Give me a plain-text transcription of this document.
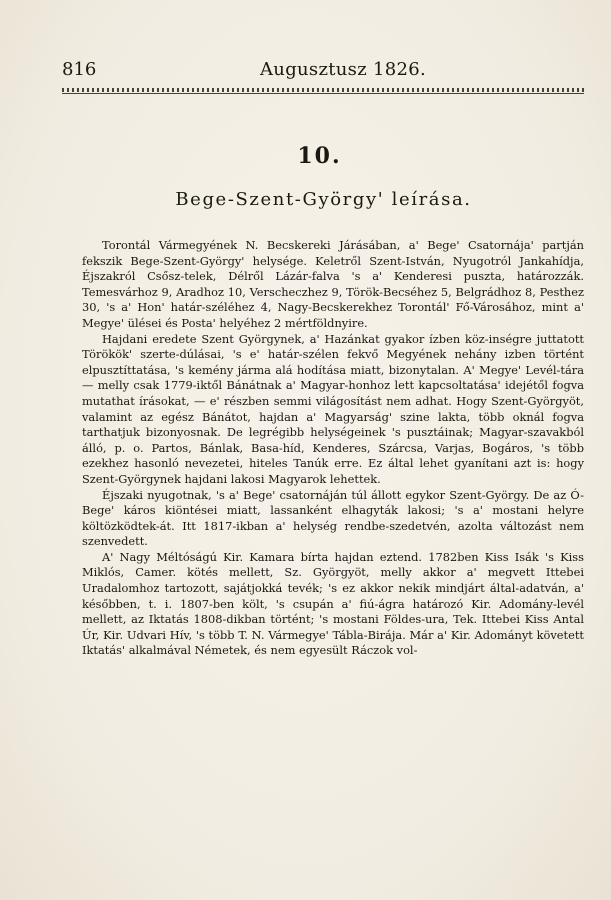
816	Augusztusz 1826.
10.
Bege-Szent-György' leírása.

Torontál Vármegyének N. Becskereki Járásában, a' Bege' Csatornája' partján fekszik Bege-Szent-György' helysége. Keletről Szent-István, Nyugotról Jankahídja, Éjszakról Csősz-telek, Délről Lázár-falva 's a' Kenderesi puszta, határozzák. Temesvárhoz 9, Aradhoz 10, Verscheczhez 9, Török-Becséhez 5, Belgrádhoz 8, Pesthez 30, 's a' Hon' határ-széléhez 4, Nagy-Becskerekhez Torontál' Fő-Városához, mint a' Megye' ülései és Posta' helyéhez 2 mértföldnyire.

Hajdani eredete Szent Györgynek, a' Hazánkat gyakor ízben köz-inségre juttatott Törökök' szerte-dúlásai, 's e' határ-szélen fekvő Megyének nehány izben történt elpusztíttatása, 's kemény járma alá hodítása miatt, bizonytalan. A' Megye' Levél-tára — melly csak 1779-iktől Bánátnak a' Magyar-honhoz lett kapcsoltatása' idejétől fogva mutathat írásokat, — e' részben semmi világosítást nem adhat. Hogy Szent-Györgyöt, valamint az egész Bánátot, hajdan a' Magyarság' szine lakta, több oknál fogva tarthatjuk bizonyosnak. De legrégibb helységeinek 's pusztáinak; Magyar-szavakból álló, p. o. Partos, Bánlak, Basa-híd, Kenderes, Szárcsa, Varjas, Bogáros, 's több ezekhez hasonló nevezetei, hiteles Tanúk erre. Ez által lehet gyanítani azt is: hogy Szent-Györgynek hajdani lakosi Magyarok lehettek.

Éjszaki nyugotnak, 's a' Bege' csatornáján túl állott egykor Szent-György. De az Ó-Bege' káros kiöntései miatt, lassanként elhagyták lakosi; 's a' mostani helyre költözködtek-át. Itt 1817-ikban a' helység rendbe-szedetvén, azolta változást nem szenvedett.

A' Nagy Méltóságú Kir. Kamara bírta hajdan eztend. 1782ben Kiss Isák 's Kiss Miklós, Camer. kötés mellett, Sz. Györgyöt, melly akkor a' megvett Ittebei Uradalomhoz tartozott, sajátjokká tevék; 's ez akkor nekik mindjárt által-adatván, a' későbben, t. i. 1807-ben költ, 's csupán a' fiú-ágra határozó Kir. Adomány-levél mellett, az Iktatás 1808-dikban történt; 's mostani Földes-ura, Tek. Ittebei Kiss Antal Úr, Kir. Udvari Hív, 's több T. N. Vármegye' Tábla-Birája. Már a' Kir. Adományt követett Iktatás' alkalmával Németek, és nem egyesült Ráczok vol-
